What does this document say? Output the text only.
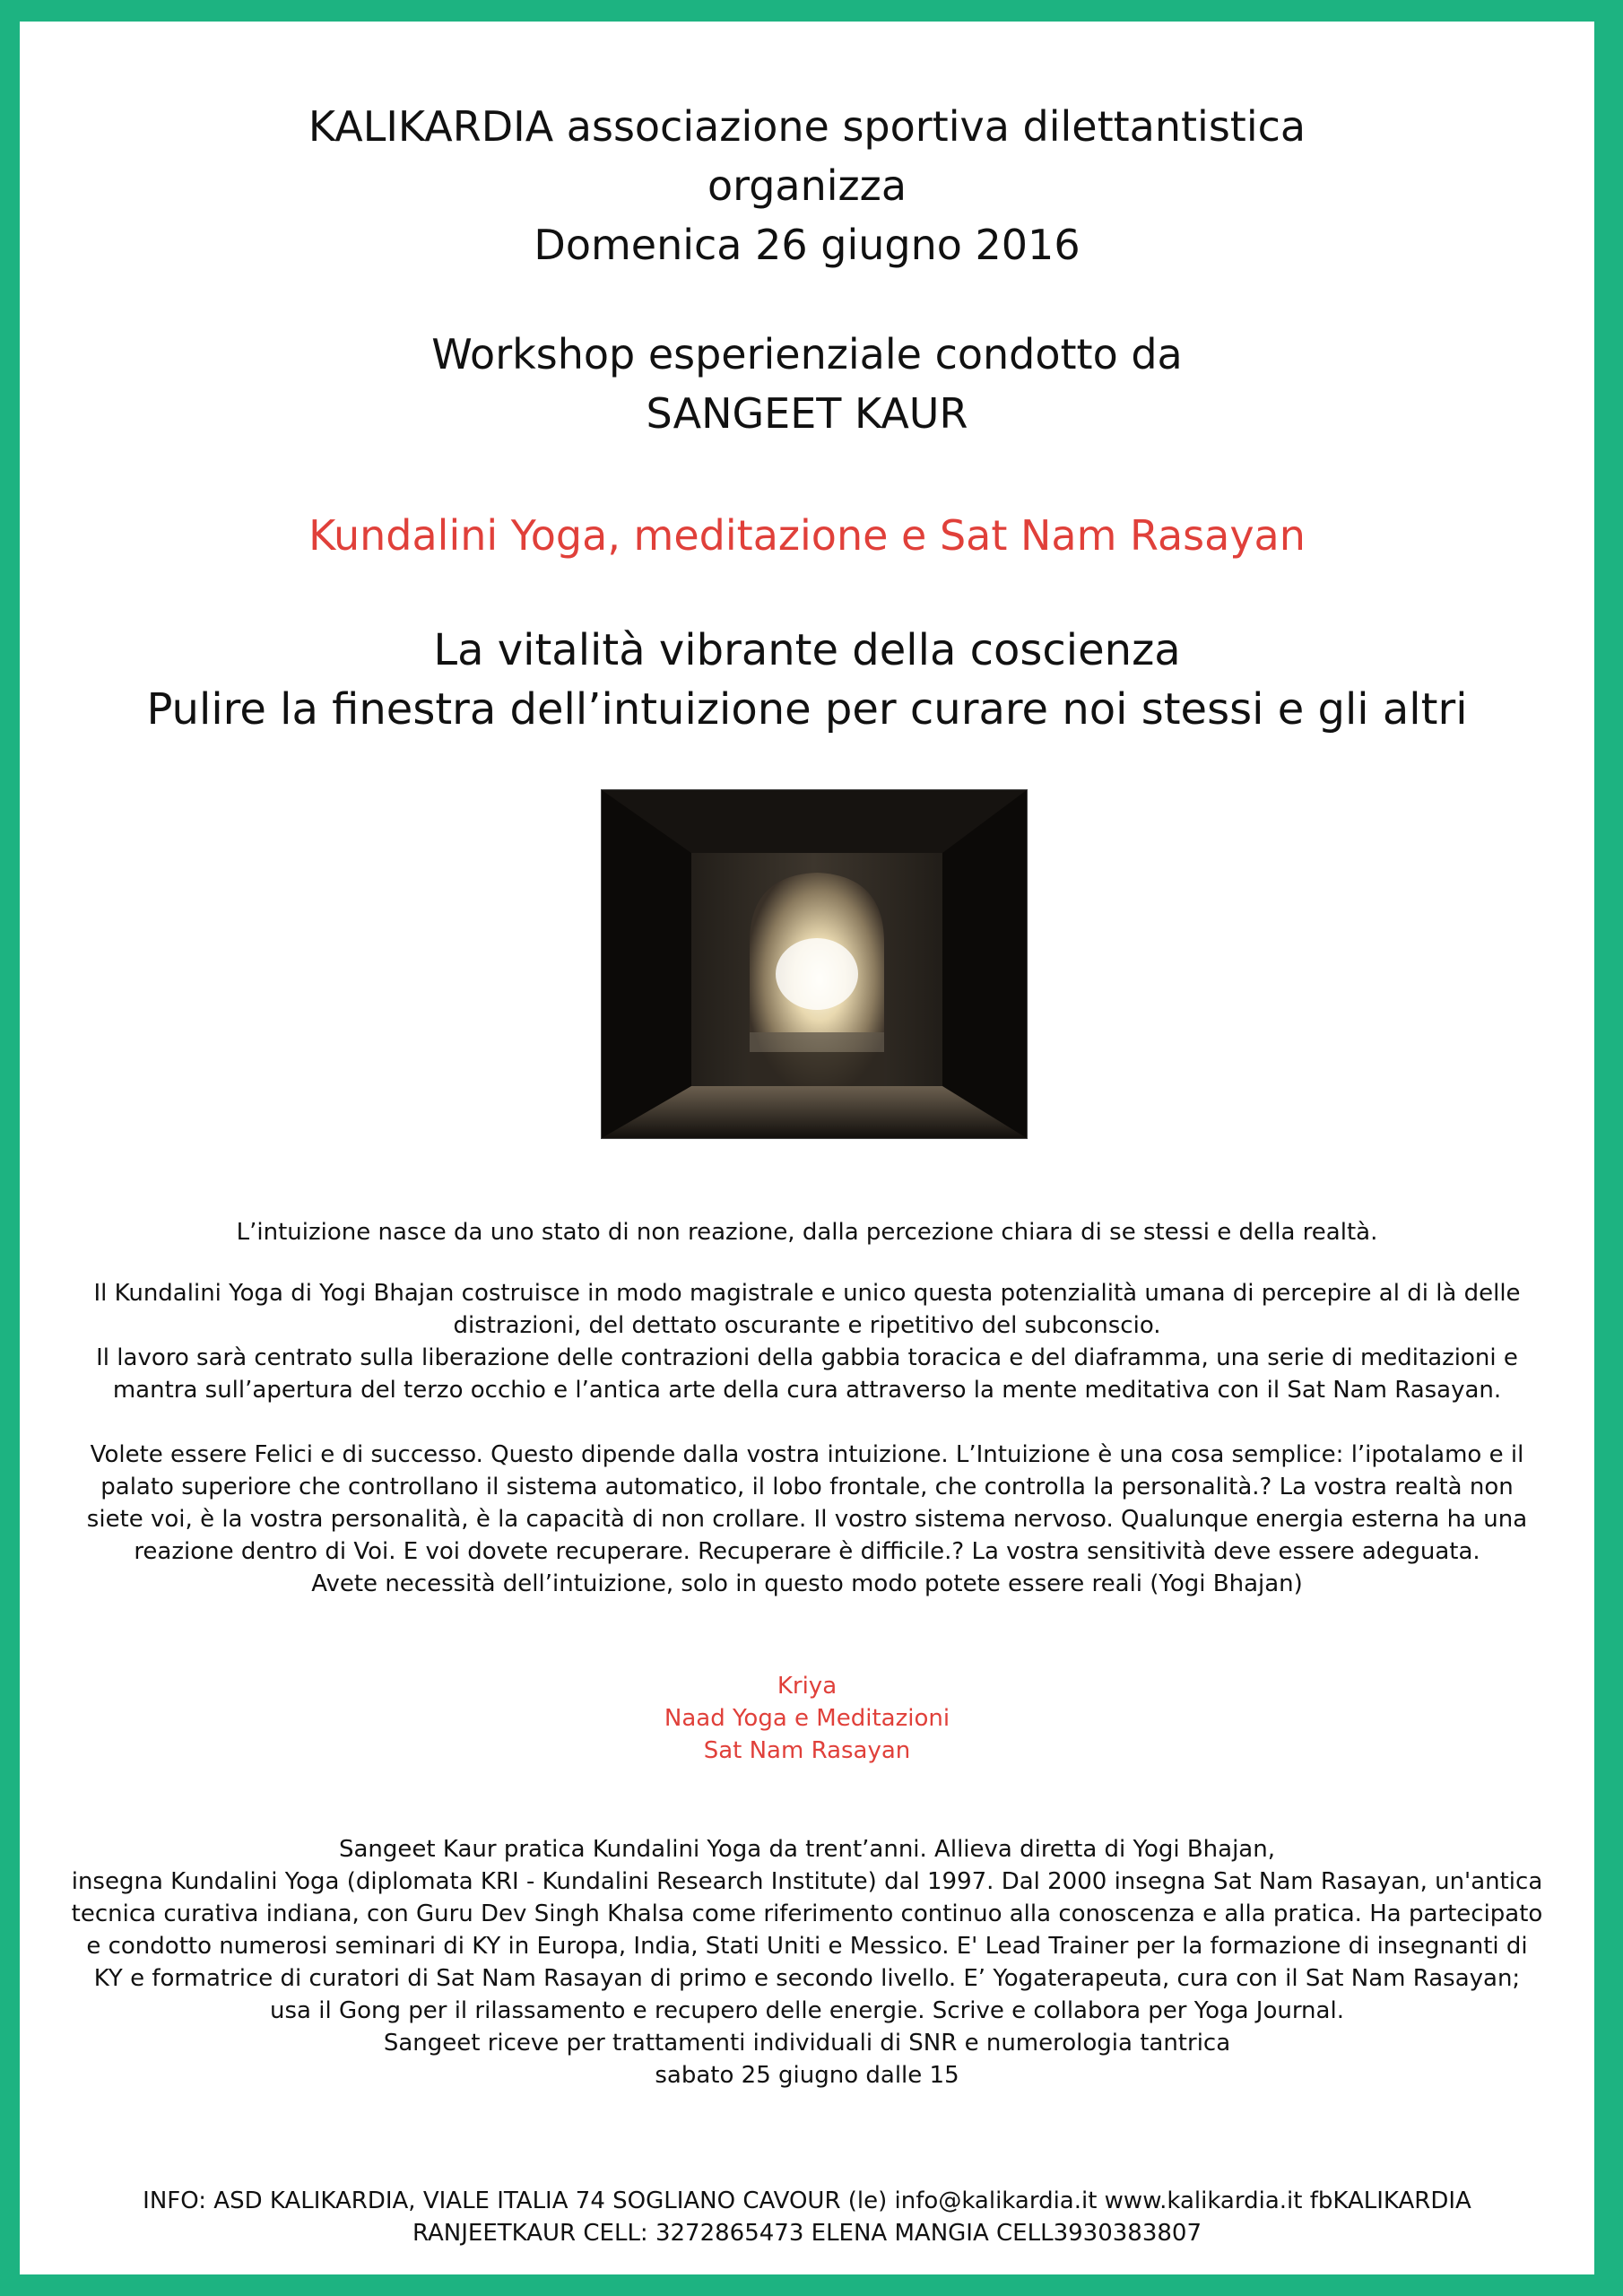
KALIKARDIA associazione sportiva dilettantistica
organizza
Domenica 26 giugno 2016
Workshop esperienziale condotto da
SANGEET KAUR
Kundalini Yoga, meditazione e Sat Nam Rasayan
La vitalità vibrante della coscienza
Pulire la finestra dell’intuizione per curare noi stessi e gli altri
L’intuizione nasce da uno stato di non reazione, dalla percezione chiara di se stessi e della realtà.
Il Kundalini Yoga di Yogi Bhajan costruisce in modo magistrale e unico questa potenzialità umana di percepire al di là delle
distrazioni, del dettato oscurante e ripetitivo del subconscio.
Il lavoro sarà centrato sulla liberazione delle contrazioni della gabbia toracica e del diaframma, una serie di meditazioni e
mantra sull’apertura del terzo occhio e l’antica arte della cura attraverso la mente meditativa con il Sat Nam Rasayan.
Volete essere Felici e di successo. Questo dipende dalla vostra intuizione. L’Intuizione è una cosa semplice: l’ipotalamo e il
palato superiore che controllano il sistema automatico, il lobo frontale, che controlla la personalità.? La vostra realtà non
siete voi, è la vostra personalità, è la capacità di non crollare. Il vostro sistema nervoso. Qualunque energia esterna ha una
reazione dentro di Voi. E voi dovete recuperare. Recuperare è difficile.? La vostra sensitività deve essere adeguata.
Avete necessità dell’intuizione, solo in questo modo potete essere reali (Yogi Bhajan)
Kriya
Naad Yoga e Meditazioni
Sat Nam Rasayan
Sangeet Kaur pratica Kundalini Yoga da trent’anni. Allieva diretta di Yogi Bhajan,
insegna Kundalini Yoga (diplomata KRI - Kundalini Research Institute) dal 1997. Dal 2000 insegna Sat Nam Rasayan, un'antica
tecnica curativa indiana, con Guru Dev Singh Khalsa come riferimento continuo alla conoscenza e alla pratica. Ha partecipato
e condotto numerosi seminari di KY in Europa, India, Stati Uniti e Messico. E' Lead Trainer per la formazione di insegnanti di
KY e formatrice di curatori di Sat Nam Rasayan di primo e secondo livello. E’ Yogaterapeuta, cura con il Sat Nam Rasayan;
usa il Gong per il rilassamento e recupero delle energie. Scrive e collabora per Yoga Journal.
Sangeet riceve per trattamenti individuali di SNR e numerologia tantrica
sabato 25 giugno dalle 15
INFO: ASD KALIKARDIA, VIALE ITALIA 74 SOGLIANO CAVOUR (le) info@kalikardia.it www.kalikardia.it fbKALIKARDIA
RANJEETKAUR CELL: 3272865473 ELENA MANGIA CELL3930383807
